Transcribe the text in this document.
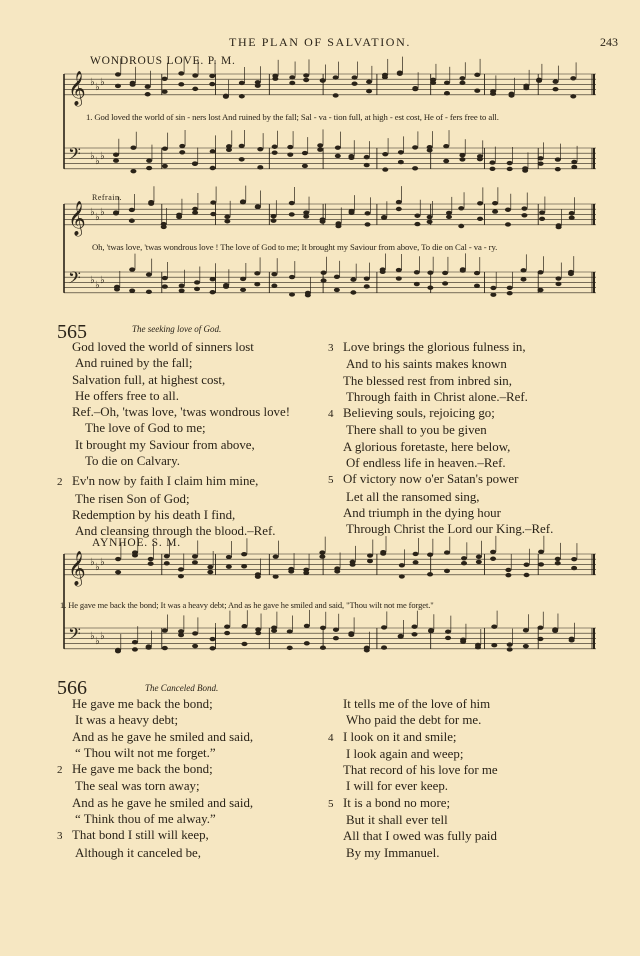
THE PLAN OF SALVATION.	243
WONDROUS LOVE. P. M.
𝄞 ♭ ♭ ♭
𝄢 ♭ ♭ ♭
1. God loved the world of sin - ners lost And ruined by the fall; Sal - va - tion full, at high - est cost, He of - fers free to all.
Refrain.
𝄞 ♭ ♭ ♭
𝄢 ♭ ♭ ♭
Oh, 'twas love, 'twas wondrous love ! The love of God to me; It brought my Saviour from above, To die on Cal - va - ry.
565	The seeking love of God.
God loved the world of sinners lost
And ruined by the fall;
Salvation full, at highest cost,
He offers free to all.
Ref.–Oh, 'twas love, 'twas wondrous love!
The love of God to me;
It brought my Saviour from above,
To die on Calvary.
2 Ev'n now by faith I claim him mine,
The risen Son of God;
Redemption by his death I find,
And cleansing through the blood.–Ref.
3 Love brings the glorious fulness in,
And to his saints makes known
The blessed rest from inbred sin,
Through faith in Christ alone.–Ref.
4 Believing souls, rejoicing go;
There shall to you be given
A glorious foretaste, here below,
Of endless life in heaven.–Ref.
5 Of victory now o'er Satan's power
Let all the ransomed sing,
And triumph in the dying hour
Through Christ the Lord our King.–Ref.
AYNHOE. S. M.
𝄞 ♭ ♭ ♭
𝄢 ♭ ♭ ♭
1. He gave me back the bond; It was a heavy debt; And as he gave he smiled and said, "Thou wilt not me forget."
566	The Canceled Bond.
He gave me back the bond;
It was a heavy debt;
And as he gave he smiled and said,
“ Thou wilt not me forget.”
2 He gave me back the bond;
The seal was torn away;
And as he gave he smiled and said,
“ Think thou of me alway.”
3 That bond I still will keep,
Although it canceled be,
It tells me of the love of him
Who paid the debt for me.
4 I look on it and smile;
I look again and weep;
That record of his love for me
I will for ever keep.
5 It is a bond no more;
But it shall ever tell
All that I owed was fully paid
By my Immanuel.
